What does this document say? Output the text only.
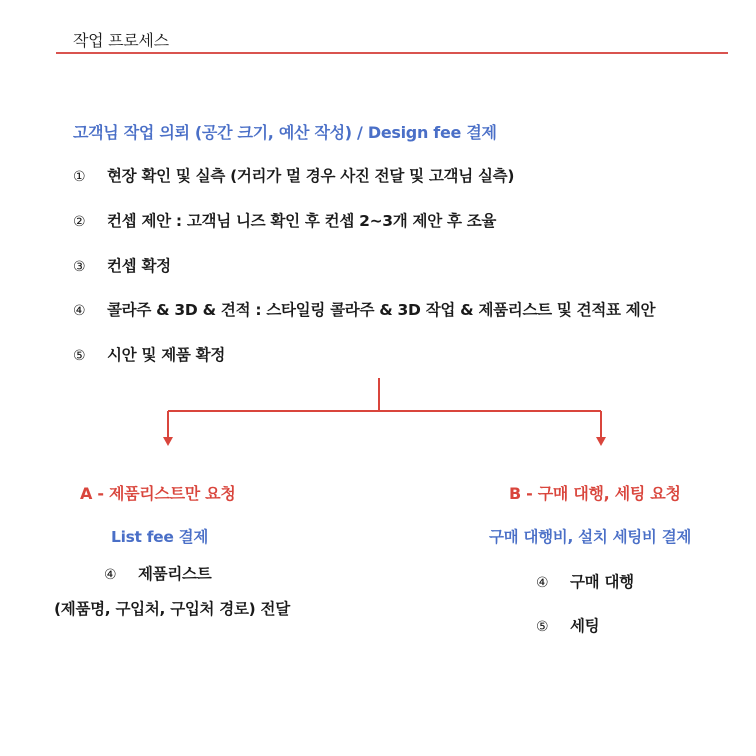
작업 프로세스
고객님 작업 의뢰 (공간 크기, 예산 작성) / Design fee 결제
① 현장 확인 및 실측 (거리가 멀 경우 사진 전달 및 고객님 실측)
② 컨셉 제안 : 고객님 니즈 확인 후 컨셉 2~3개 제안 후 조율
③ 컨셉 확정
④ 콜라주 & 3D & 견적 : 스타일링 콜라주 & 3D 작업 & 제품리스트 및 견적표 제안
⑤ 시안 및 제품 확정
A - 제품리스트만 요청
List fee 결제
④ 제품리스트
(제품명, 구입처, 구입처 경로) 전달
B - 구매 대행, 세팅 요청
구매 대행비, 설치 세팅비 결제
④ 구매 대행
⑤ 세팅
